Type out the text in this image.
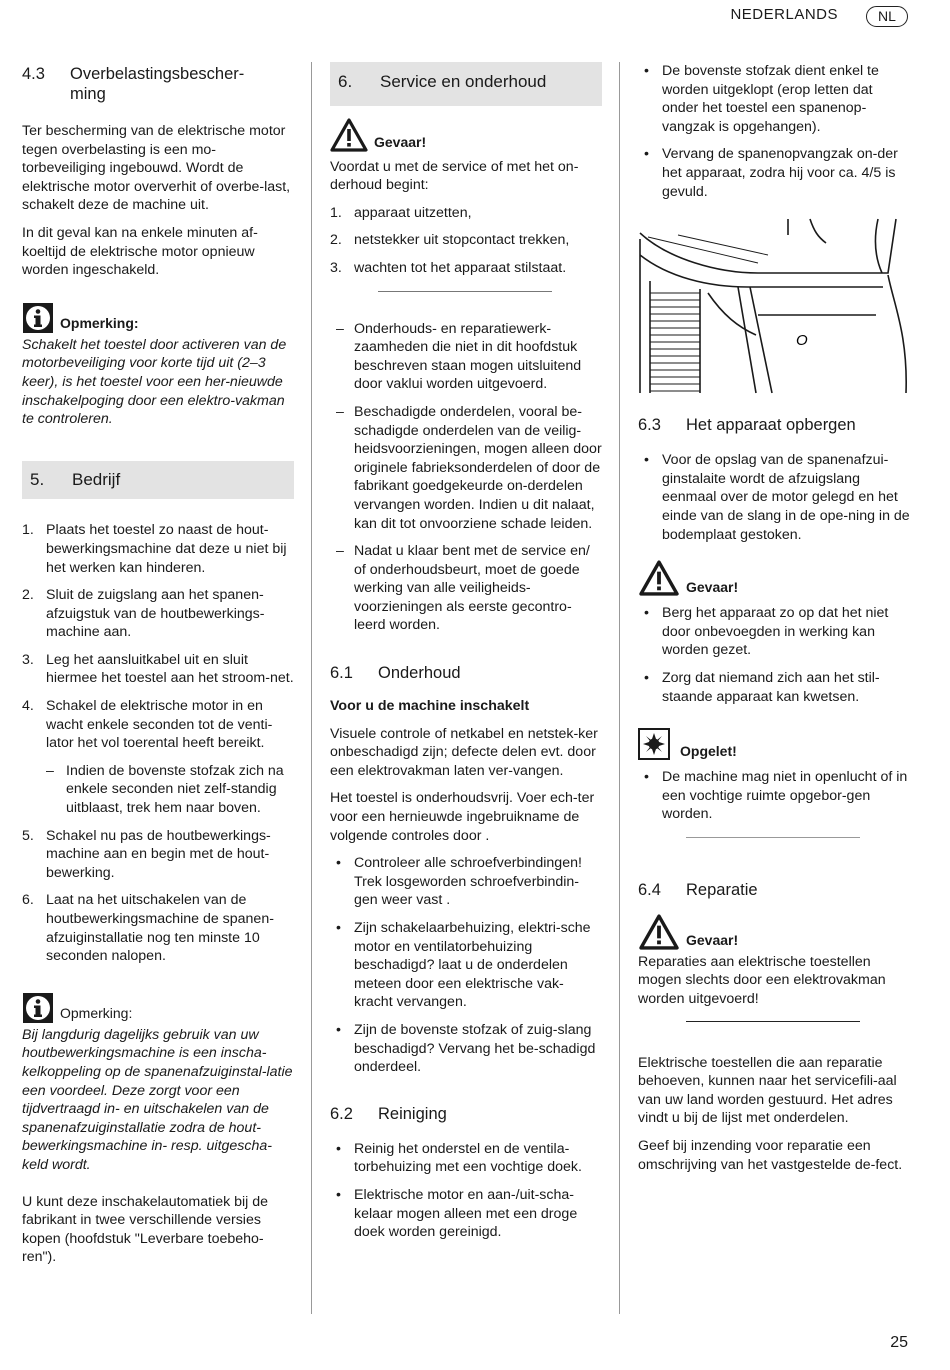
NEDERLANDS	NL
4.3	Overbelastingsbescher-
ming

Ter bescherming van de elektrische motor tegen overbelasting is een mo-torbeveiliging ingebouwd. Wordt de elektrische motor oververhit of overbe-last, schakelt deze de machine uit.

In dit geval kan na enkele minuten af-koeltijd de elektrische motor opnieuw worden ingeschakeld.

Opmerking:

Schakelt het toestel door activeren van de motorbeveiliging voor korte tijd uit (2–3 keer), is het toestel voor een her-nieuwde inschakelpoging door een elektro-vakman te controleren.

5.	Bedrijf
1. Plaats het toestel zo naast de hout-bewerkingsmachine dat deze u niet bij het werken kan hinderen.
2. Sluit de zuigslang aan het spanen-afzuigstuk van de houtbewerkings-machine aan.
3. Leg het aansluitkabel uit en sluit hiermee het toestel aan het stroom-net.
4. Schakel de elektrische motor in en wacht enkele seconden tot de venti-lator het vol toerental heeft bereikt.
– Indien de bovenste stofzak zich na enkele seconden niet zelf-standig uitblaast, trek hem naar boven.
5. Schakel nu pas de houtbewerkings-machine aan en begin met de hout-bewerking.
6. Laat na het uitschakelen van de houtbewerkingsmachine de spanen-afzuiginstallatie nog ten minste 10 seconden nalopen.
Opmerking:

Bij langdurig dagelijks gebruik van uw houtbewerkingsmachine is een inscha-kelkoppeling op de spanenafzuiginstal-latie een voordeel. Deze zorgt voor een tijdvertraagd in- en uitschakelen van de spanenafzuiginstallatie zodra de hout-bewerkingsmachine in- resp. uitgescha-keld wordt.

U kunt deze inschakelautomatiek bij de fabrikant in twee verschillende versies kopen (hoofdstuk "Leverbare toebeho-ren").

6.	Service en onderhoud
Gevaar!

Voordat u met de service of met het on-derhoud begint:

1. apparaat uitzetten,
2. netstekker uit stopcontact trekken,
3. wachten tot het apparaat stilstaat.
– Onderhouds- en reparatiewerk-zaamheden die niet in dit hoofdstuk beschreven staan mogen uitsluitend door vaklui worden uitgevoerd.
– Beschadigde onderdelen, vooral be-schadigde onderdelen van de veilig-heidsvoorzieningen, mogen alleen door originele fabrieksonderdelen of door de fabrikant goedgekeurde on-derdelen vervangen worden. Indien u dit nalaat, kan dit tot onvoorziene schade leiden.
– Nadat u klaar bent met de service en/ of onderhoudsbeurt, moet de goede werking van alle veiligheids-voorzieningen als eerste gecontro-leerd worden.
6.1	Onderhoud

Voor u de machine inschakelt

Visuele controle of netkabel en netstek-ker onbeschadigd zijn; defecte delen evt. door een elektrovakman laten ver-vangen.

Het toestel is onderhoudsvrij. Voer ech-ter voor een hernieuwde ingebruikname de volgende controles door .

• Controleer alle schroefverbindingen! Trek losgeworden schroefverbindin-gen weer vast .
• Zijn schakelaarbehuizing, elektri-sche motor en ventilatorbehuizing beschadigd? laat u de onderdelen meteen door een elektrische vak-kracht vervangen.
• Zijn de bovenste stofzak of zuig-slang beschadigd? Vervang het be-schadigd onderdeel.
6.2	Reiniging
• Reinig het onderstel en de ventila-torbehuizing met een vochtige doek.
• Elektrische motor en aan-/uit-scha-kelaar mogen alleen met een droge doek worden gereinigd.
• De bovenste stofzak dient enkel te worden uitgeklopt (erop letten dat onder het toestel een spanenop-vangzak is opgehangen).
• Vervang de spanenopvangzak on-der het apparaat, zodra hij voor ca. 4/5 is gevuld.
O
6.3	Het apparaat opbergen
• Voor de opslag van de spanenafzui-ginstalaite wordt de afzuigslang eenmaal over de motor gelegd en het einde van de slang in de ope-ning in de bodemplaat gestoken.
Gevaar!
• Berg het apparaat zo op dat het niet door onbevoegden in werking kan worden gezet.
• Zorg dat niemand zich aan het stil-staande apparaat kan kwetsen.
Opgelet!
• De machine mag niet in openlucht of in een vochtige ruimte opgebor-gen worden.
6.4	Reparatie
Gevaar!

Reparaties aan elektrische toestellen mogen slechts door een elektrovakman worden uitgevoerd!

Elektrische toestellen die aan reparatie behoeven, kunnen naar het servicefili-aal van uw land worden gestuurd. Het adres vindt u bij de lijst met onderdelen.

Geef bij inzending voor reparatie een omschrijving van het vastgestelde de-fect.

25
